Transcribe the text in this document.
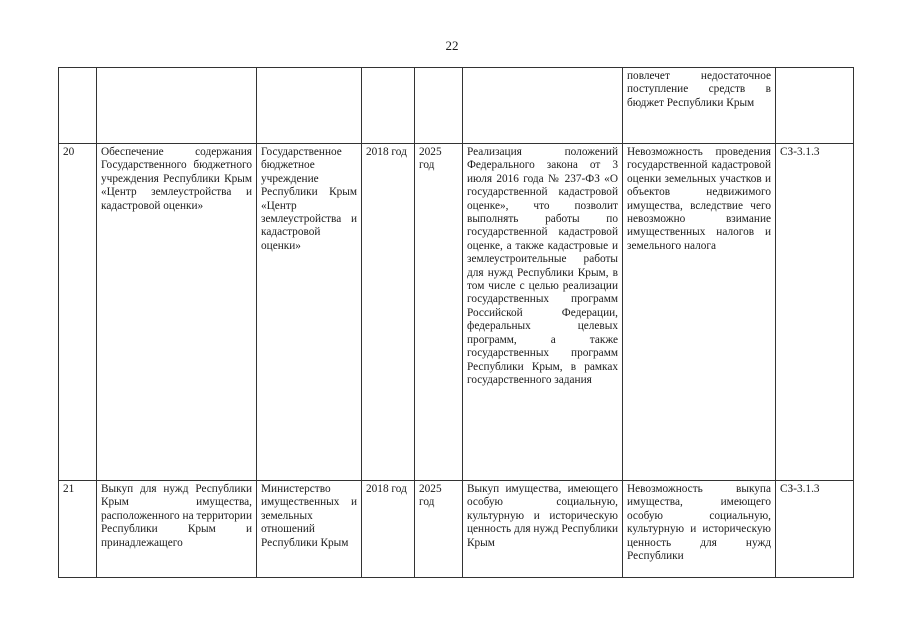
22
						повлечет недостаточное поступление средств в бюджет Республики Крым	
20	Обеспечение содержания Государственного бюджетного учреждения Республики Крым «Центр землеустройства и кадастровой оценки»	Государственное бюджетное учреждение Республики Крым «Центр землеустройства и кадастровой оценки»	2018 год	2025 год	Реализация положений Федерального закона от 3 июля 2016 года № 237-ФЗ «О государственной кадастровой оценке», что позволит выполнять работы по государственной кадастровой оценке, а также кадастровые и землеустроительные работы для нужд Республики Крым, в том числе с целью реализации государственных программ Российской Федерации, федеральных целевых программ, а также государственных программ Республики Крым, в рамках государственного задания	Невозможность проведения государственной кадастровой оценки земельных участков и объектов недвижимого имущества, вследствие чего невозможно взимание имущественных налогов и земельного налога	СЗ-3.1.3
21	Выкуп для нужд Республики Крым имущества, расположенного на территории Республики Крым и принадлежащего	Министерство имущественных и земельных отношений Республики Крым	2018 год	2025 год	Выкуп имущества, имеющего особую социальную, культурную и историческую ценность для нужд Республики Крым	Невозможность выкупа имущества, имеющего особую социальную, культурную и историческую ценность для нужд Республики	СЗ-3.1.3
